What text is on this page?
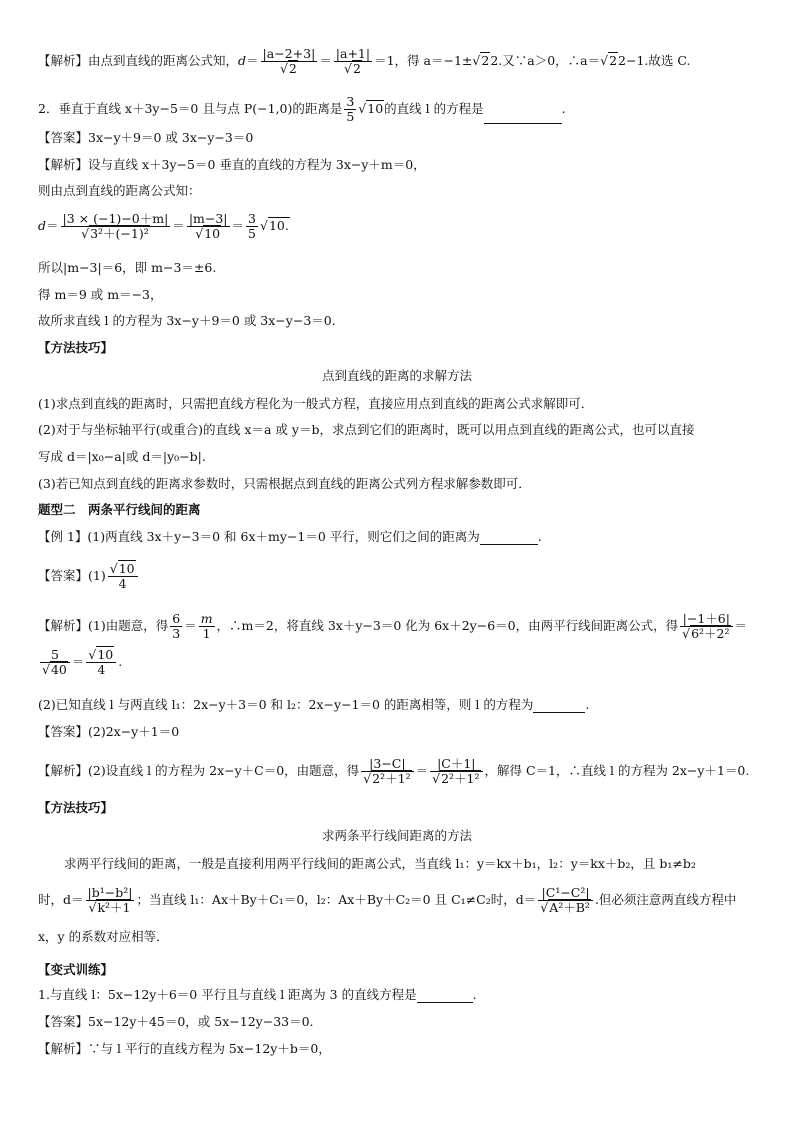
【解析】由点到直线的距离公式知，$d= \frac{|a-2+3|}{√2} = \frac{|a+1|}{√2} =1$，得 a＝−1±√22.又∵a＞0，∴a＝√22−1.故选 C.
2．垂直于直线 x＋3y−5＝0 且与点 P(−1,0)的距离是 $\frac{3}{5} √10$的直线 l 的方程是	.
【答案】3x−y＋9＝0 或 3x−y−3＝0
【解析】设与直线 x＋3y−5＝0 垂直的直线的方程为 3x−y＋m＝0，
则由点到直线的距离公式知：
$d= \frac{|3 \times (-1)-0+m|}{\text{√3²＋(−1)²}} = \frac{|m-3|}{√10} = \frac{3}{5} √10$.
所以|m−3|＝6，即 m−3＝±6.
得 m＝9 或 m＝−3，
故所求直线 l 的方程为 3x−y＋9＝0 或 3x−y−3＝0.
【方法技巧】
点到直线的距离的求解方法
(1)求点到直线的距离时，只需把直线方程化为一般式方程，直接应用点到直线的距离公式求解即可．
(2)对于与坐标轴平行(或重合)的直线 x＝a 或 y＝b，求点到它们的距离时，既可以用点到直线的距离公式，也可以直接
写成 d＝|x₀−a|或 d＝|y₀−b|.
(3)若已知点到直线的距离求参数时，只需根据点到直线的距离公式列方程求解参数即可．
题型二　两条平行线间的距离
【例 1】(1)两直线 3x＋y−3＝0 和 6x＋my−1＝0 平行，则它们之间的距离为	.
【答案】$(1) \frac{√10}{4}$
【解析】(1)由题意，得 $\frac{6}{3} = \frac{m}{1}$ ，∴m＝2，将直线 3x＋y−3＝0 化为 6x＋2y−6＝0，由两平行线间距离公式，得 $\frac{|-1+6|}{\text{√6²＋2²}}$ ＝
$\frac{5}{√40} = \frac{√10}{4}$ .
(2)已知直线 l 与两直线 l₁：2x−y＋3＝0 和 l₂：2x−y−1＝0 的距离相等，则 l 的方程为	.
【答案】(2)2x−y＋1＝0
【解析】(2)设直线 l 的方程为 2x−y＋C＝0，由题意，得 $\frac{|3-C|}{\text{√2²＋1²}} = \frac{|C+1|}{\text{√2²＋1²}}$ ，解得 C＝1，∴直线 l 的方程为 2x−y＋1＝0.
【方法技巧】
求两条平行线间距离的方法
求两平行线间的距离，一般是直接利用两平行线间的距离公式，当直线 l₁：y＝kx＋b₁，l₂：y＝kx＋b₂，且 b₁≠b₂
时，$d= \frac{\text{|b¹−b²|}}{\text{√k²＋1}}$ ；当直线 l₁：Ax＋By＋C₁＝0，l₂：Ax＋By＋C₂＝0 且 C₁≠C₂时，$d= \frac{\text{|C¹−C²|}}{\text{√A²＋B²}}$ .但必须注意两直线方程中
x，y 的系数对应相等．
【变式训练】
1.与直线 l：5x−12y＋6＝0 平行且与直线 l 距离为 3 的直线方程是	.
【答案】5x−12y＋45＝0，或 5x−12y−33＝0.
【解析】∵与 l 平行的直线方程为 5x−12y＋b＝0，
